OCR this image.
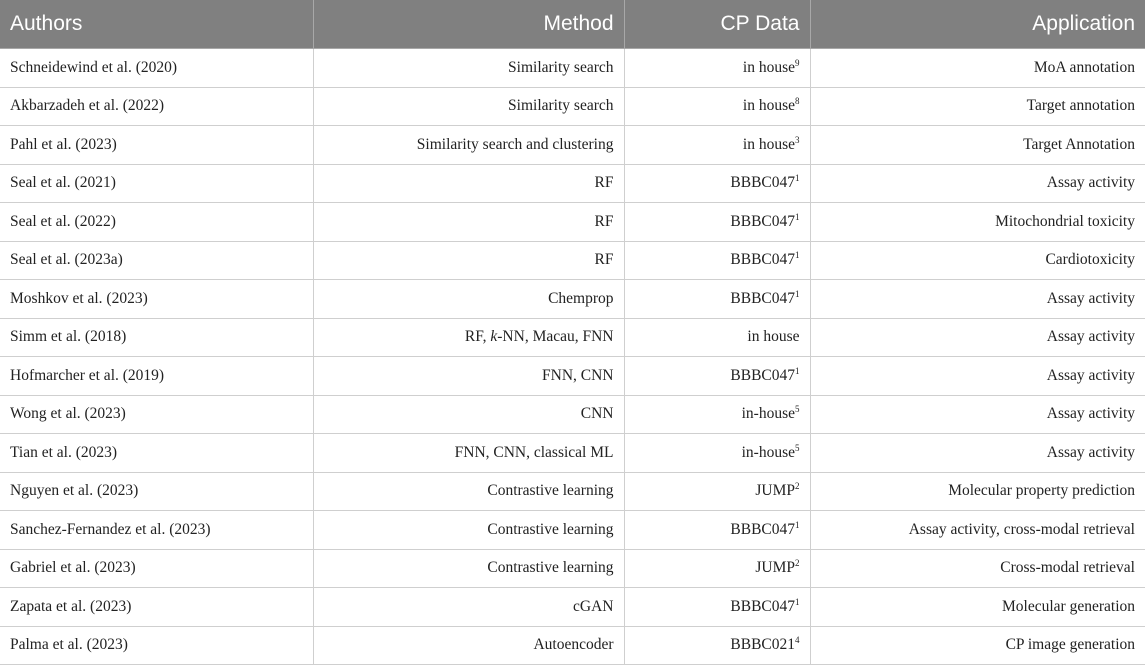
Authors	Method	CP Data	Application
Schneidewind et al. (2020)	Similarity search	in house$^9$	MoA annotation
Akbarzadeh et al. (2022)	Similarity search	in house$^8$	Target annotation
Pahl et al. (2023)	Similarity search and clustering	in house$^3$	Target Annotation
Seal et al. (2021)	RF	$BBBC047^1$	Assay activity
Seal et al. (2022)	RF	$BBBC047^1$	Mitochondrial toxicity
Seal et al. (2023a)	RF	$BBBC047^1$	Cardiotoxicity
Moshkov et al. (2023)	Chemprop	$BBBC047^1$	Assay activity
Simm et al. (2018)	RF, k-NN, Macau, FNN	in house	Assay activity
Hofmarcher et al. (2019)	FNN, CNN	$BBBC047^1$	Assay activity
Wong et al. (2023)	CNN	in-house$^5$	Assay activity
Tian et al. (2023)	FNN, CNN, classical ML	in-house$^5$	Assay activity
Nguyen et al. (2023)	Contrastive learning	JUMP$^2$	Molecular property prediction
Sanchez-Fernandez et al. (2023)	Contrastive learning	$BBBC047^1$	Assay activity, cross-modal retrieval
Gabriel et al. (2023)	Contrastive learning	JUMP$^2$	Cross-modal retrieval
Zapata et al. (2023)	cGAN	$BBBC047^1$	Molecular generation
Palma et al. (2023)	Autoencoder	$BBBC021^4$	CP image generation
